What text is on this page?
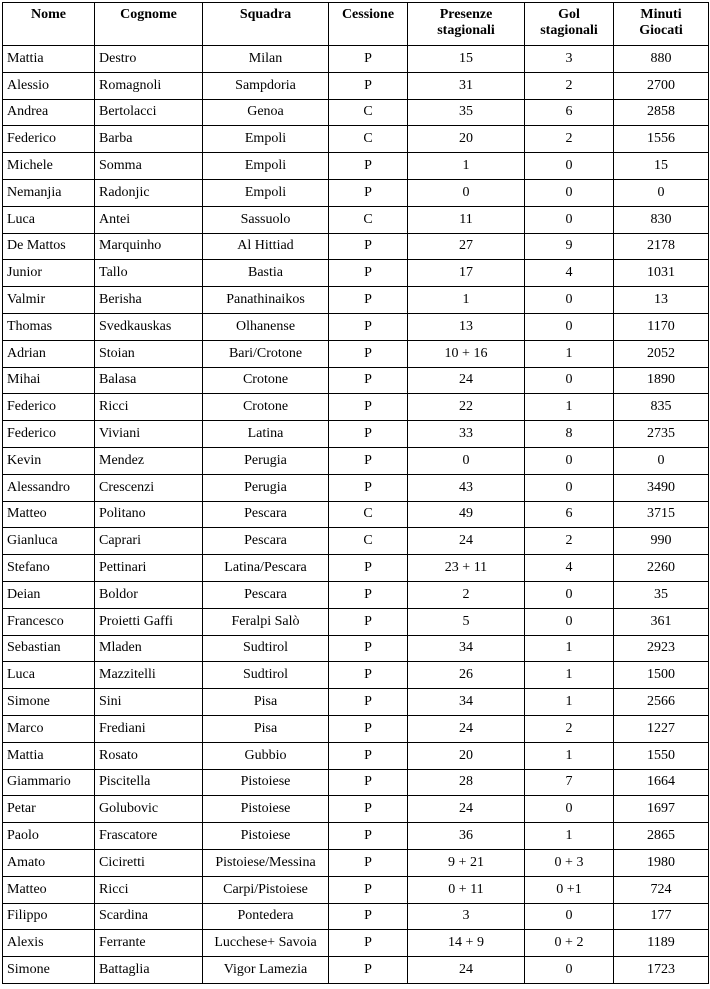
Nome	Cognome	Squadra	Cessione	Presenze stagionali	Gol stagionali	Minuti Giocati
Mattia	Destro	Milan	P	15	3	880
Alessio	Romagnoli	Sampdoria	P	31	2	2700
Andrea	Bertolacci	Genoa	C	35	6	2858
Federico	Barba	Empoli	C	20	2	1556
Michele	Somma	Empoli	P	1	0	15
Nemanjia	Radonjic	Empoli	P	0	0	0
Luca	Antei	Sassuolo	C	11	0	830
De Mattos	Marquinho	Al Hittiad	P	27	9	2178
Junior	Tallo	Bastia	P	17	4	1031
Valmir	Berisha	Panathinaikos	P	1	0	13
Thomas	Svedkauskas	Olhanense	P	13	0	1170
Adrian	Stoian	Bari/Crotone	P	10 + 16	1	2052
Mihai	Balasa	Crotone	P	24	0	1890
Federico	Ricci	Crotone	P	22	1	835
Federico	Viviani	Latina	P	33	8	2735
Kevin	Mendez	Perugia	P	0	0	0
Alessandro	Crescenzi	Perugia	P	43	0	3490
Matteo	Politano	Pescara	C	49	6	3715
Gianluca	Caprari	Pescara	C	24	2	990
Stefano	Pettinari	Latina/Pescara	P	23 + 11	4	2260
Deian	Boldor	Pescara	P	2	0	35
Francesco	Proietti Gaffi	Feralpi Salò	P	5	0	361
Sebastian	Mladen	Sudtirol	P	34	1	2923
Luca	Mazzitelli	Sudtirol	P	26	1	1500
Simone	Sini	Pisa	P	34	1	2566
Marco	Frediani	Pisa	P	24	2	1227
Mattia	Rosato	Gubbio	P	20	1	1550
Giammario	Piscitella	Pistoiese	P	28	7	1664
Petar	Golubovic	Pistoiese	P	24	0	1697
Paolo	Frascatore	Pistoiese	P	36	1	2865
Amato	Ciciretti	Pistoiese/Messina	P	9 + 21	0 + 3	1980
Matteo	Ricci	Carpi/Pistoiese	P	0 + 11	0 +1	724
Filippo	Scardina	Pontedera	P	3	0	177
Alexis	Ferrante	Lucchese+ Savoia	P	14 + 9	0 + 2	1189
Simone	Battaglia	Vigor Lamezia	P	24	0	1723
